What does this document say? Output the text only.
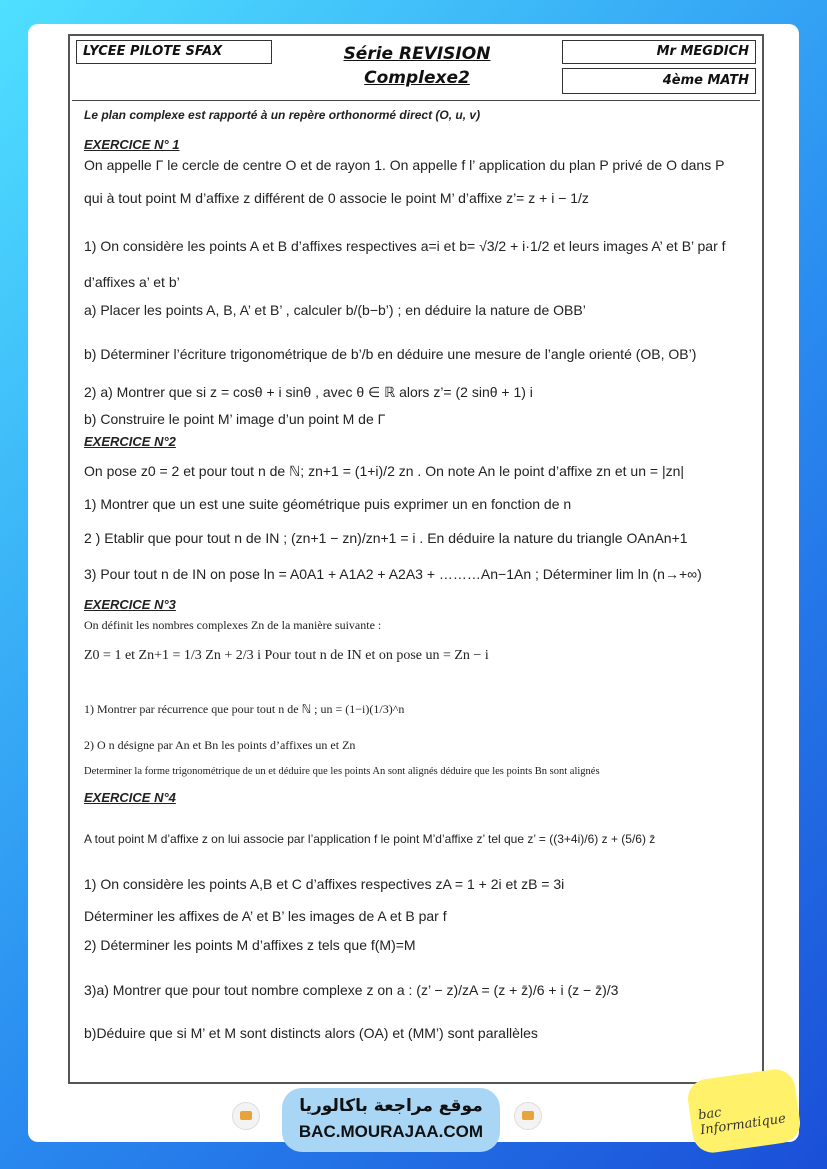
LYCEE PILOTE SFAX	Série REVISION
Complexe2
Mr MEGDICH
4ème MATH
Le plan complexe est rapporté à un repère orthonormé direct (O, u, v)
EXERCICE N° 1
On appelle Γ le cercle de centre O et de rayon 1. On appelle f l’ application du plan P privé de O dans P
qui à tout point M d’affixe z différent de 0 associe le point M’ d’affixe z’= z + i − 1/z
1) On considère les points A et B d’affixes respectives a=i et b= √3/2 + i·1/2 et leurs images A’ et B’ par f
d’affixes a’ et b’
a) Placer les points A, B, A’ et B’ , calculer b/(b−b’) ; en déduire la nature de OBB’
b) Déterminer l’écriture trigonométrique de b’/b en déduire une mesure de l’angle orienté (OB, OB’)
2) a) Montrer que si z = cosθ + i sinθ , avec θ ∈ ℝ alors z’= (2 sinθ + 1) i
b) Construire le point M’ image d’un point M de Γ
EXERCICE N°2
On pose z0 = 2 et pour tout n de ℕ; zn+1 = (1+i)/2 zn . On note An le point d’affixe zn et un = |zn|
1) Montrer que un est une suite géométrique puis exprimer un en fonction de n
2 ) Etablir que pour tout n de IN ; (zn+1 − zn)/zn+1 = i . En déduire la nature du triangle OAnAn+1
3) Pour tout n de IN on pose ln = A0A1 + A1A2 + A2A3 + ………An−1An ; Déterminer lim ln (n→+∞)
EXERCICE N°3
On définit les nombres complexes Zn de la manière suivante :
Z0 = 1 et Zn+1 = 1/3 Zn + 2/3 i Pour tout n de IN et on pose un = Zn − i
1) Montrer par récurrence que pour tout n de ℕ ; un = (1−i)(1/3)^n
2) O n désigne par An et Bn les points d’affixes un et Zn
Determiner la forme trigonométrique de un et déduire que les points An sont alignés déduire que les points Bn sont alignés
EXERCICE N°4
A tout point M d’affixe z on lui associe par l’application f le point M’d’affixe z’ tel que z’ = ((3+4i)/6) z + (5/6) z̄
1) On considère les points A,B et C d’affixes respectives zA = 1 + 2i et zB = 3i
Déterminer les affixes de A’ et B’ les images de A et B par f
2) Déterminer les points M d’affixes z tels que f(M)=M
3)a) Montrer que pour tout nombre complexe z on a : (z’ − z)/zA = (z + z̄)/6 + i (z − z̄)/3
b)Déduire que si M’ et M sont distincts alors (OA) et (MM’) sont parallèles
موقع مراجعة باكالوريا
BAC.MOURAJAA.COM
bac Informatique
